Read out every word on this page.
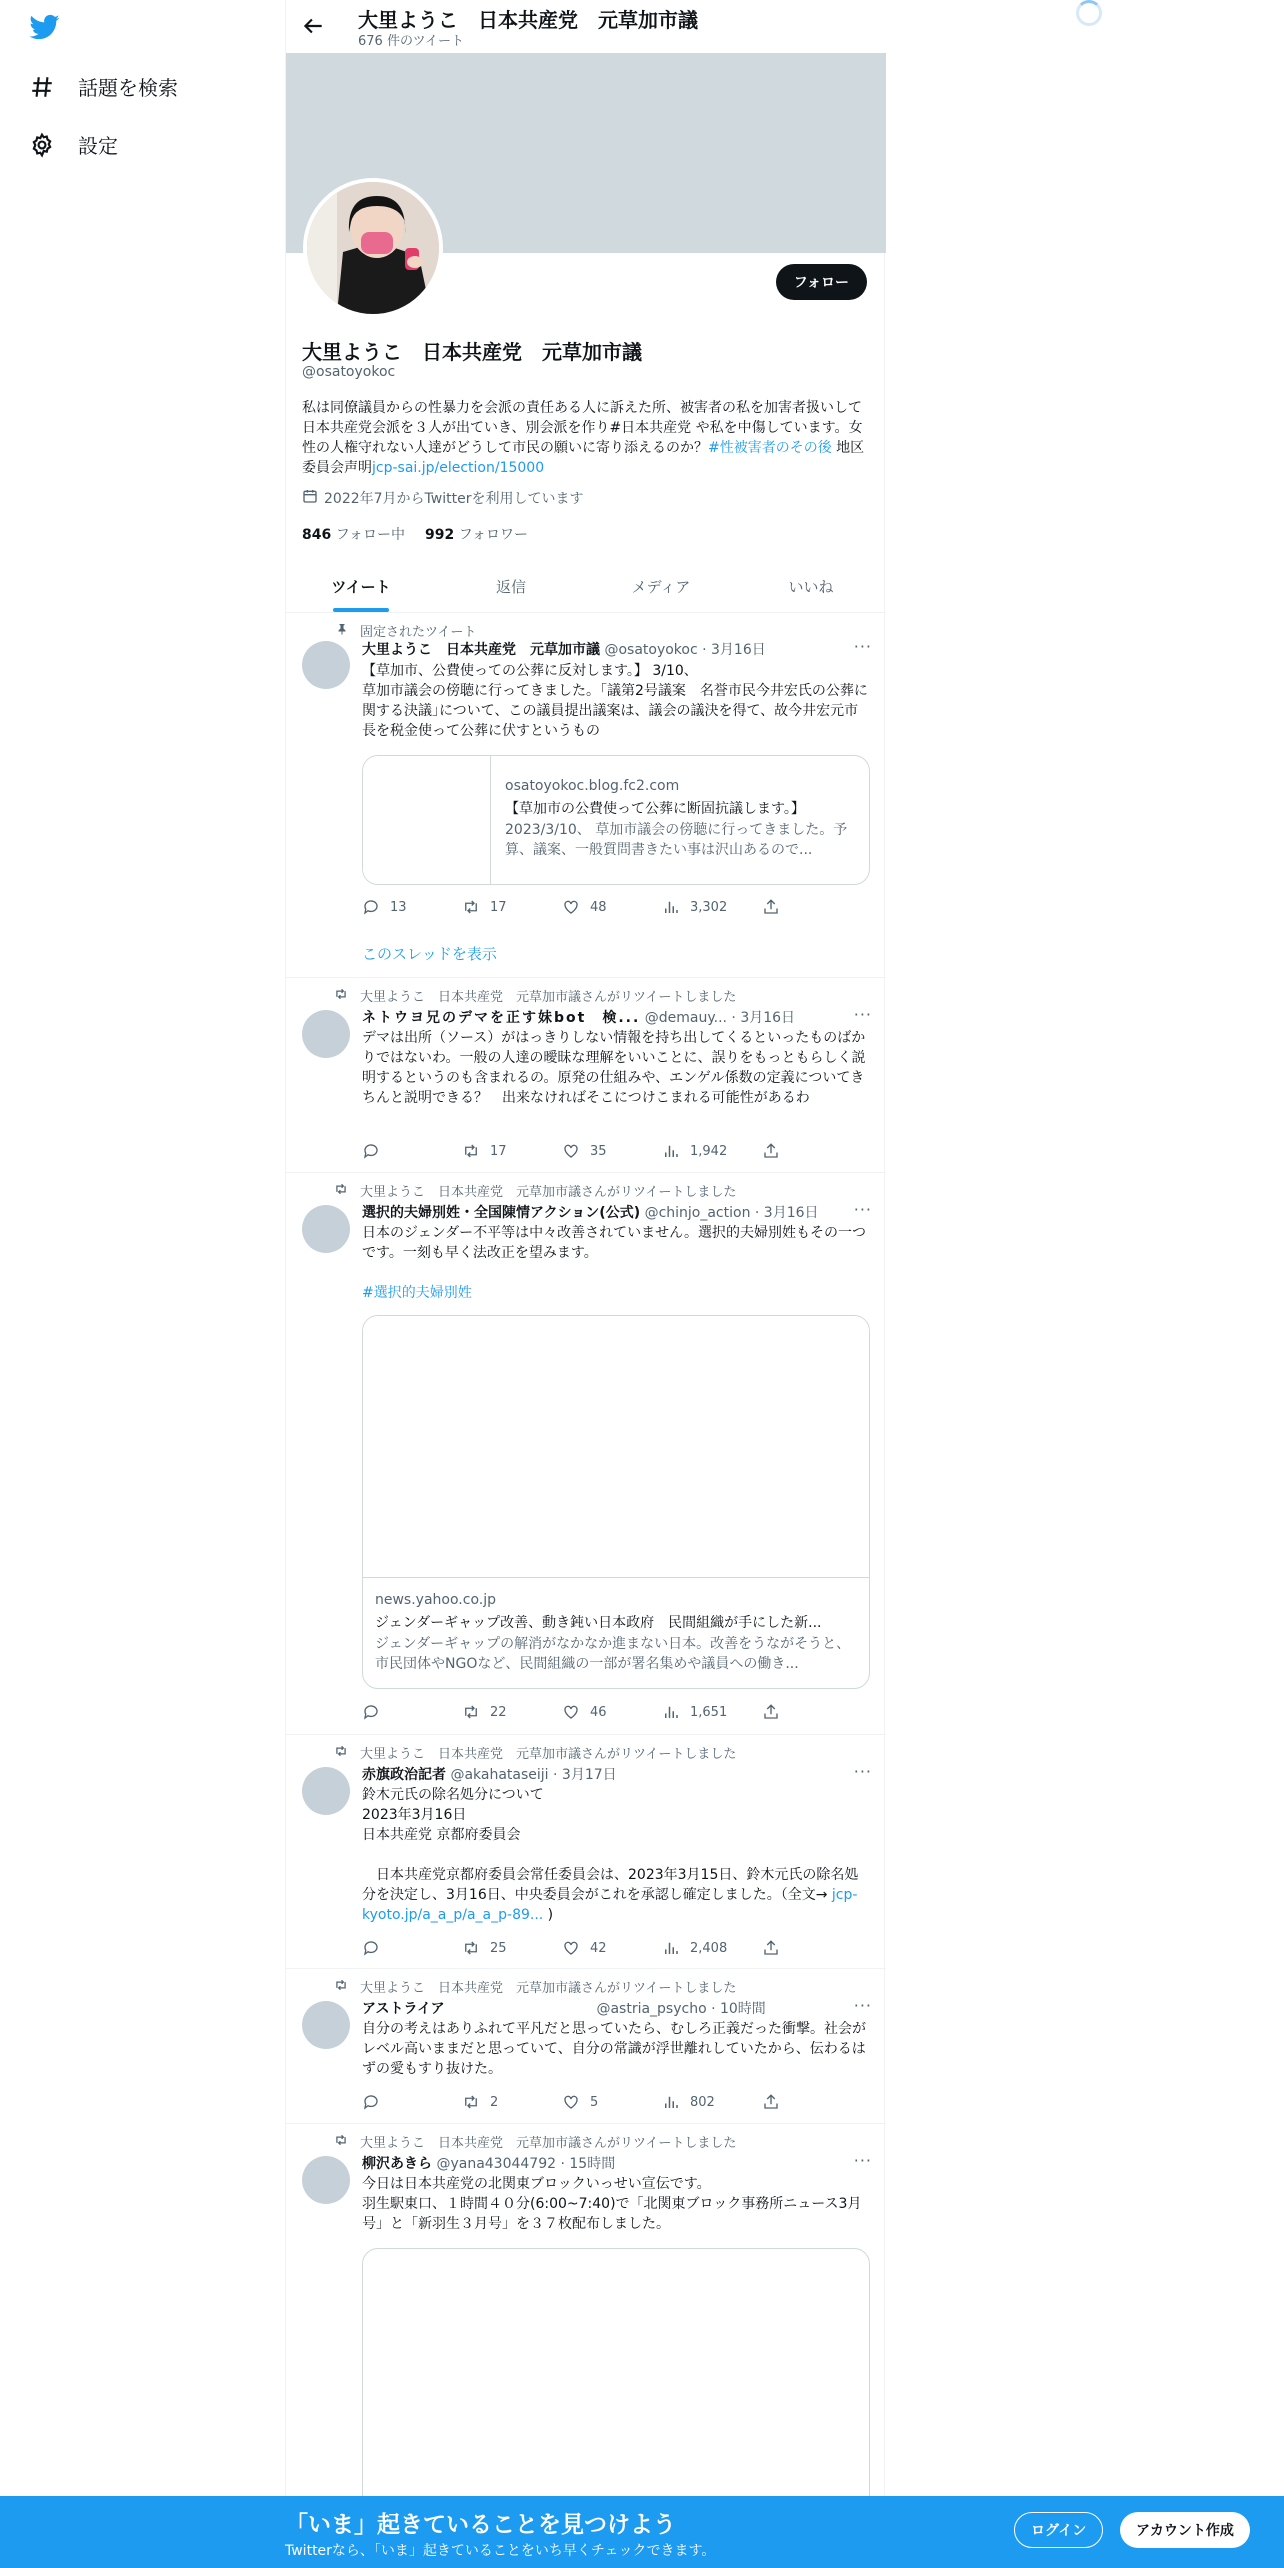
話題を検索
設定
大里ようこ　日本共産党　元草加市議
676 件のツイート
フォロー
大里ようこ　日本共産党　元草加市議
@osatoyokoc
私は同僚議員からの性暴力を会派の責任ある人に訴えた所、被害者の私を加害者扱いして日本共産党会派を３人が出ていき、別会派を作り#日本共産党 や私を中傷しています。女性の人権守れない人達がどうして市民の願いに寄り添えるのか？#性被害者のその後 地区委員会声明jcp-sai.jp/election/15000
2022年7月からTwitterを利用しています
846 フォロー中 992 フォロワー
ツイート	返信	メディア	いいね
固定されたツイート
大里ようこ　日本共産党　元草加市議 @osatoyokoc · 3月16日	···
【草加市、公費使っての公葬に反対します。】 3/10、
草加市議会の傍聴に行ってきました。｢議第2号議案　名誉市民今井宏氏の公葬に関する決議｣について、この議員提出議案は、議会の議決を得て、故今井宏元市長を税金使って公葬に伏すというもの
osatoyokoc.blog.fc2.com
【草加市の公費使って公葬に断固抗議します。】
2023/3/10、 草加市議会の傍聴に行ってきました。予算、議案、一般質問書きたい事は沢山あるので...
13	17	48	3,302
このスレッドを表示
大里ようこ　日本共産党　元草加市議さんがリツイートしました
ネトウヨ兄のデマを正す妹bot　検... @demauy... · 3月16日	···
デマは出所（ソース）がはっきりしない情報を持ち出してくるといったものばかりではないわ。一般の人達の曖昧な理解をいいことに、誤りをもっともらしく説明するというのも含まれるの。原発の仕組みや、エンゲル係数の定義についてきちんと説明できる？　出来なければそこにつけこまれる可能性があるわ
17	35	1,942
大里ようこ　日本共産党　元草加市議さんがリツイートしました
選択的夫婦別姓・全国陳情アクション(公式) @chinjo_action · 3月16日	···
日本のジェンダー不平等は中々改善されていません。選択的夫婦別姓もその一つです。一刻も早く法改正を望みます。
#選択的夫婦別姓
news.yahoo.co.jp
ジェンダーギャップ改善、動き鈍い日本政府　民間組織が手にした新...
ジェンダーギャップの解消がなかなか進まない日本。改善をうながそうと、市民団体やNGOなど、民間組織の一部が署名集めや議員への働き...
22	46	1,651
大里ようこ　日本共産党　元草加市議さんがリツイートしました
赤旗政治記者 @akahataseiji · 3月17日	···
鈴木元氏の除名処分について
2023年3月16日
日本共産党 京都府委員会

　日本共産党京都府委員会常任委員会は、2023年3月15日、鈴木元氏の除名処分を決定し、3月16日、中央委員会がこれを承認し確定しました。（全文→ jcp-kyoto.jp/a_a_p/a_a_p-89... )
25	42	2,408
大里ようこ　日本共産党　元草加市議さんがリツイートしました
アストライア	@astria_psycho · 10時間	···
自分の考えはありふれて平凡だと思っていたら、むしろ正義だった衝撃。社会がレベル高いままだと思っていて、自分の常識が浮世離れしていたから、伝わるはずの愛もすり抜けた。
2	5	802
大里ようこ　日本共産党　元草加市議さんがリツイートしました
柳沢あきら @yana43044792 · 15時間	···
今日は日本共産党の北関東ブロックいっせい宣伝です。
羽生駅東口、１時間４０分(6:00~7:40)で「北関東ブロック事務所ニュース3月号」と「新羽生３月号」を３７枚配布しました。
「いま」起きていることを見つけよう
Twitterなら、「いま」起きていることをいち早くチェックできます。
ログイン	アカウント作成
